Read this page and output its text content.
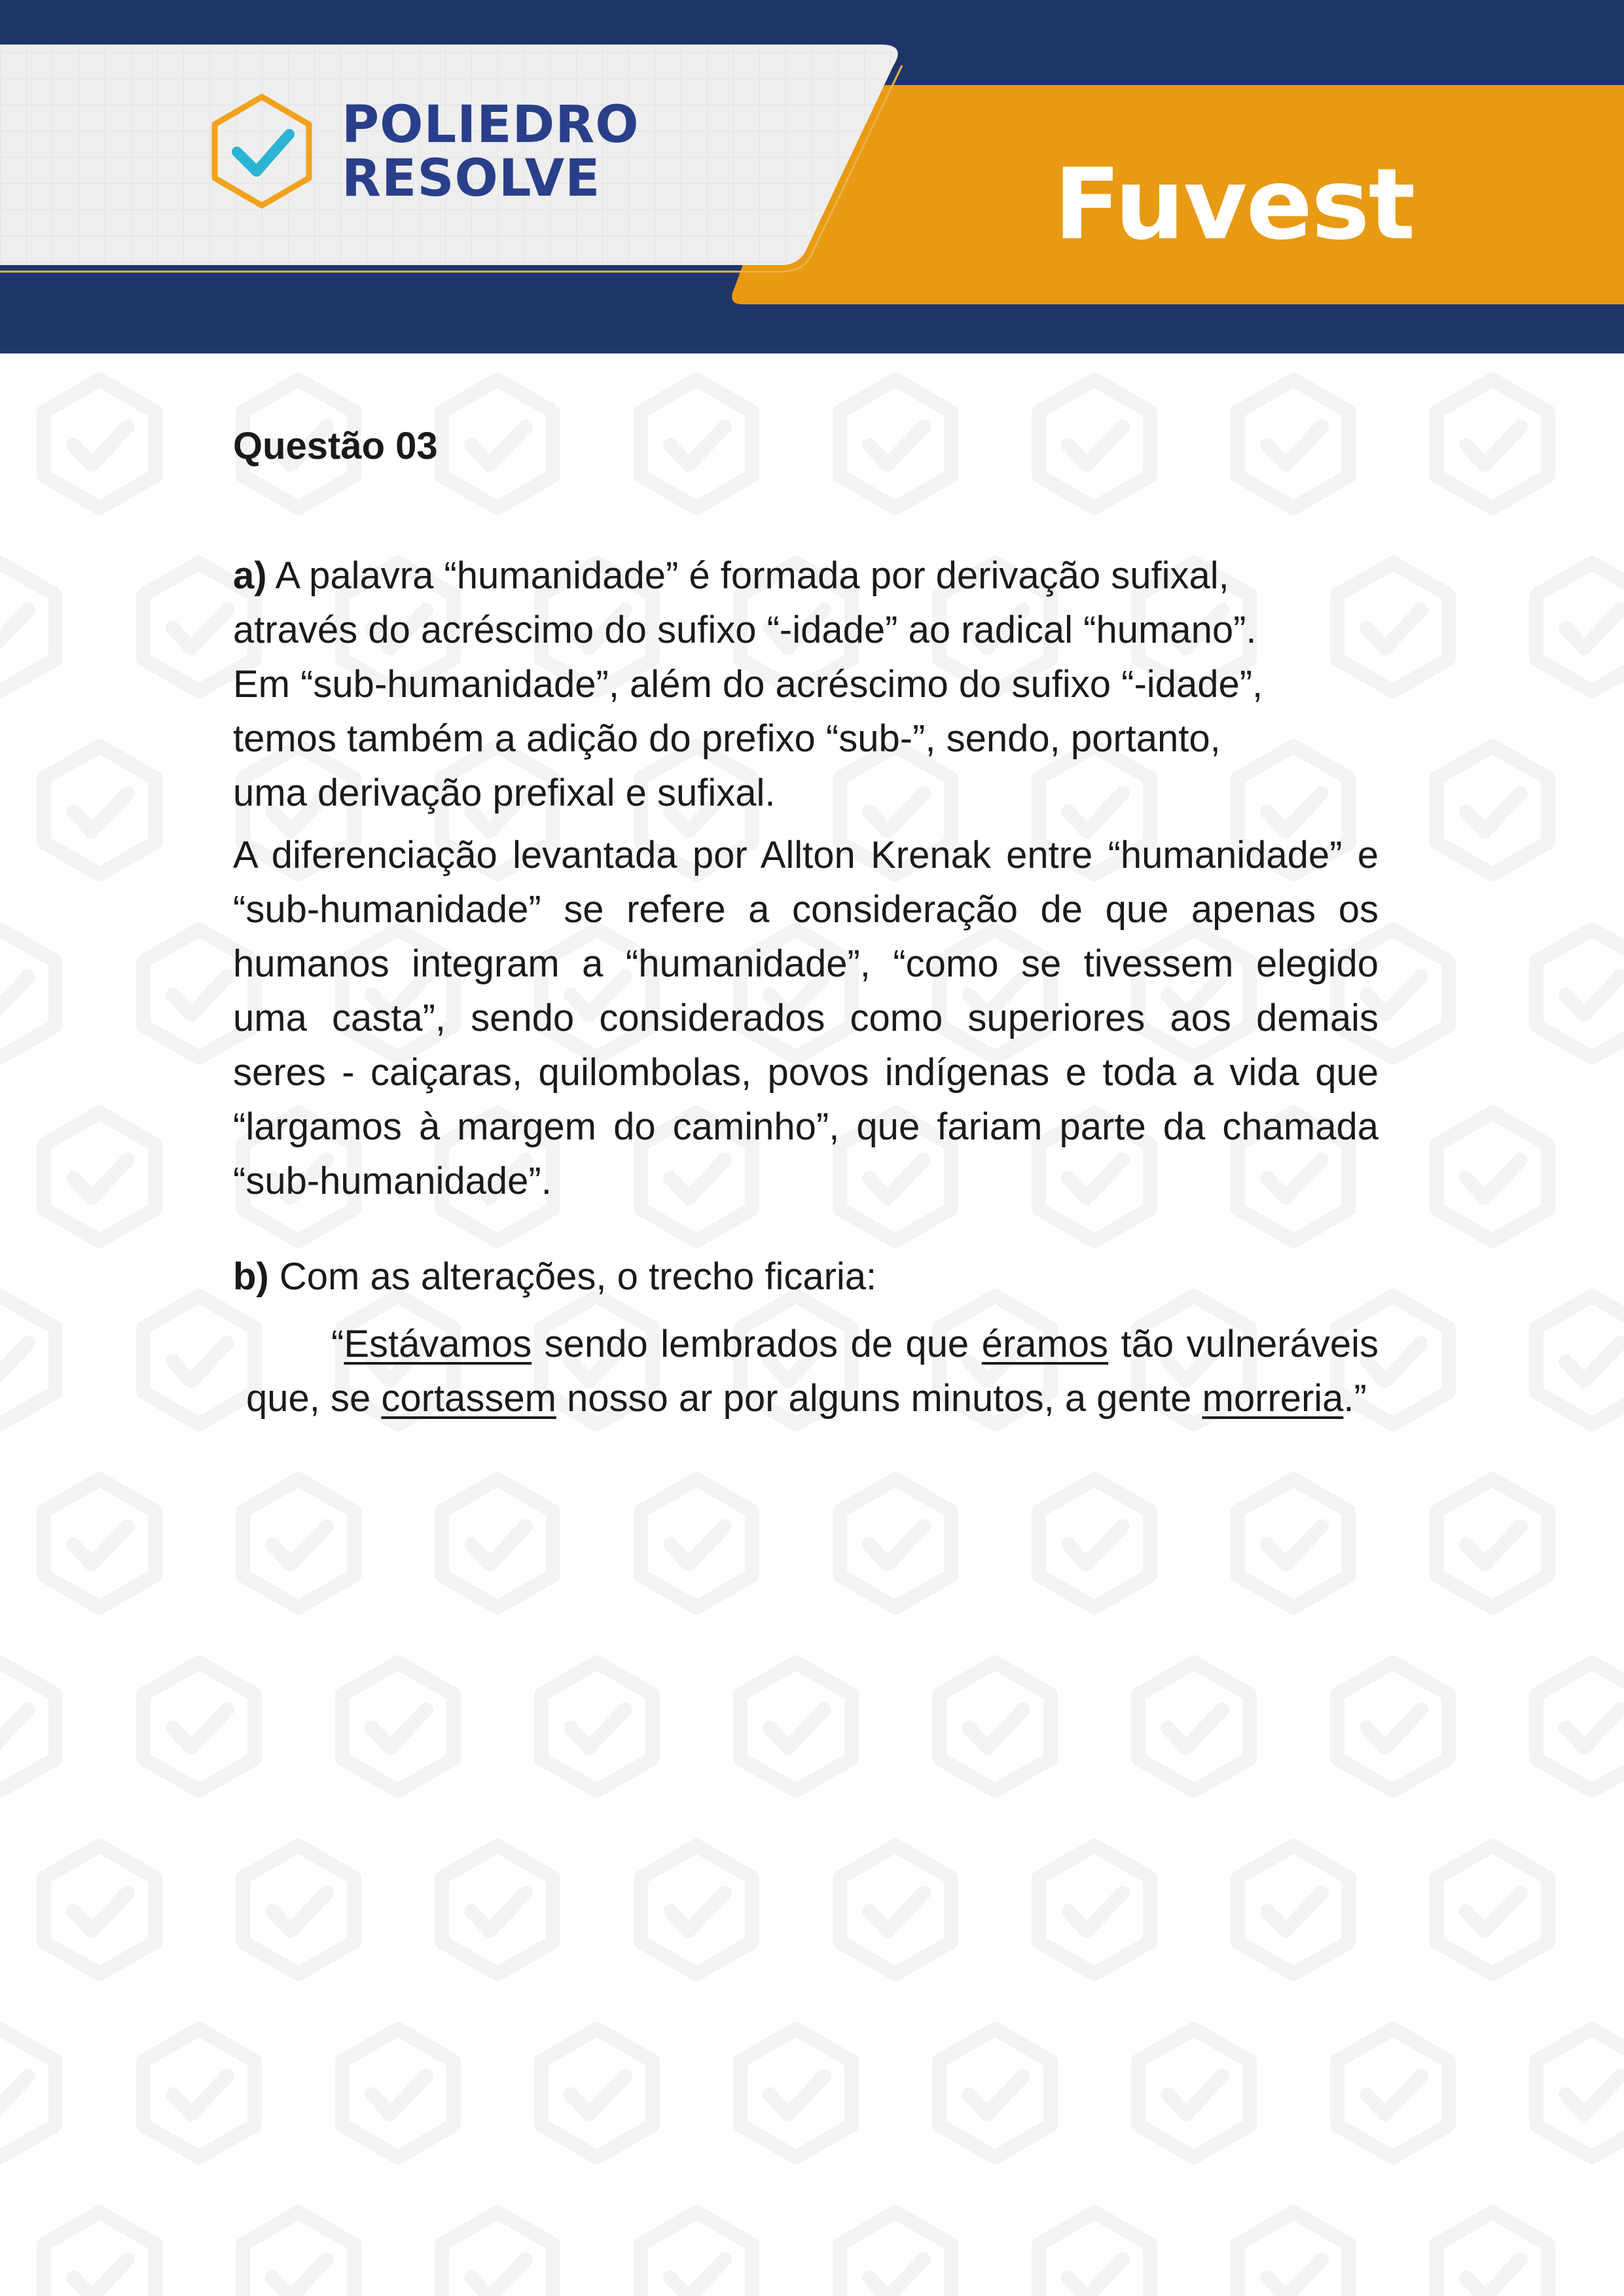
POLIEDRO
RESOLVE	Fuvest
Questão 03

a) A palavra “humanidade” é formada por derivação sufixal,
através do acréscimo do sufixo “-idade” ao radical “humano”.
Em “sub-humanidade”, além do acréscimo do sufixo “-idade”,
temos também a adição do prefixo “sub-”, sendo, portanto,
uma derivação prefixal e sufixal.

A diferenciação levantada por Allton Krenak entre “humanidade” e “sub-humanidade” se refere a consideração de que apenas os humanos integram a “humanidade”, “como se tivessem elegido uma casta”, sendo considerados como superiores aos demais seres - caiçaras, quilombolas, povos indígenas e toda a vida que “largamos à margem do caminho”, que fariam parte da chamada “sub-humanidade”.

b) Com as alterações, o trecho ficaria:

“Estávamos sendo lembrados de que éramos tão vulneráveis que, se cortassem nosso ar por alguns minutos, a gente morreria.”
